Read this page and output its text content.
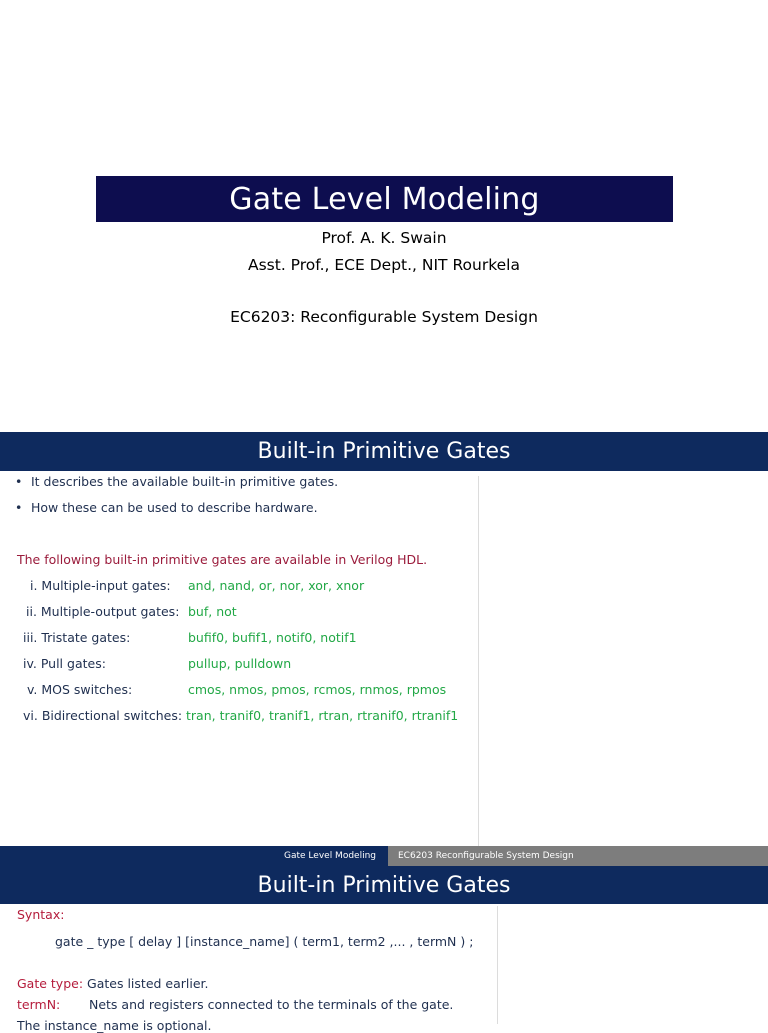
Gate Level Modeling
Prof. A. K. Swain
Asst. Prof., ECE Dept., NIT Rourkela
EC6203: Reconfigurable System Design
Built-in Primitive Gates
• It describes the available built-in primitive gates.
• How these can be used to describe hardware.
The following built-in primitive gates are available in Verilog HDL.
i. Multiple-input gates: and, nand, or, nor, xor, xnor
ii. Multiple-output gates: buf, not
iii. Tristate gates:	bufif0, bufif1, notif0, notif1
iv. Pull gates:	pullup, pulldown
v. MOS switches:	cmos, nmos, pmos, rcmos, rnmos, rpmos
vi. Bidirectional switches: tran, tranif0, tranif1, rtran, rtranif0, rtranif1
Gate Level Modeling	EC6203 Reconfigurable System Design
Built-in Primitive Gates
Syntax:
gate _ type [ delay ] [instance_name] ( term1, term2 ,... , termN ) ;
Gate type: Gates listed earlier.
termN: Nets and registers connected to the terminals of the gate.
The instance_name is optional.
